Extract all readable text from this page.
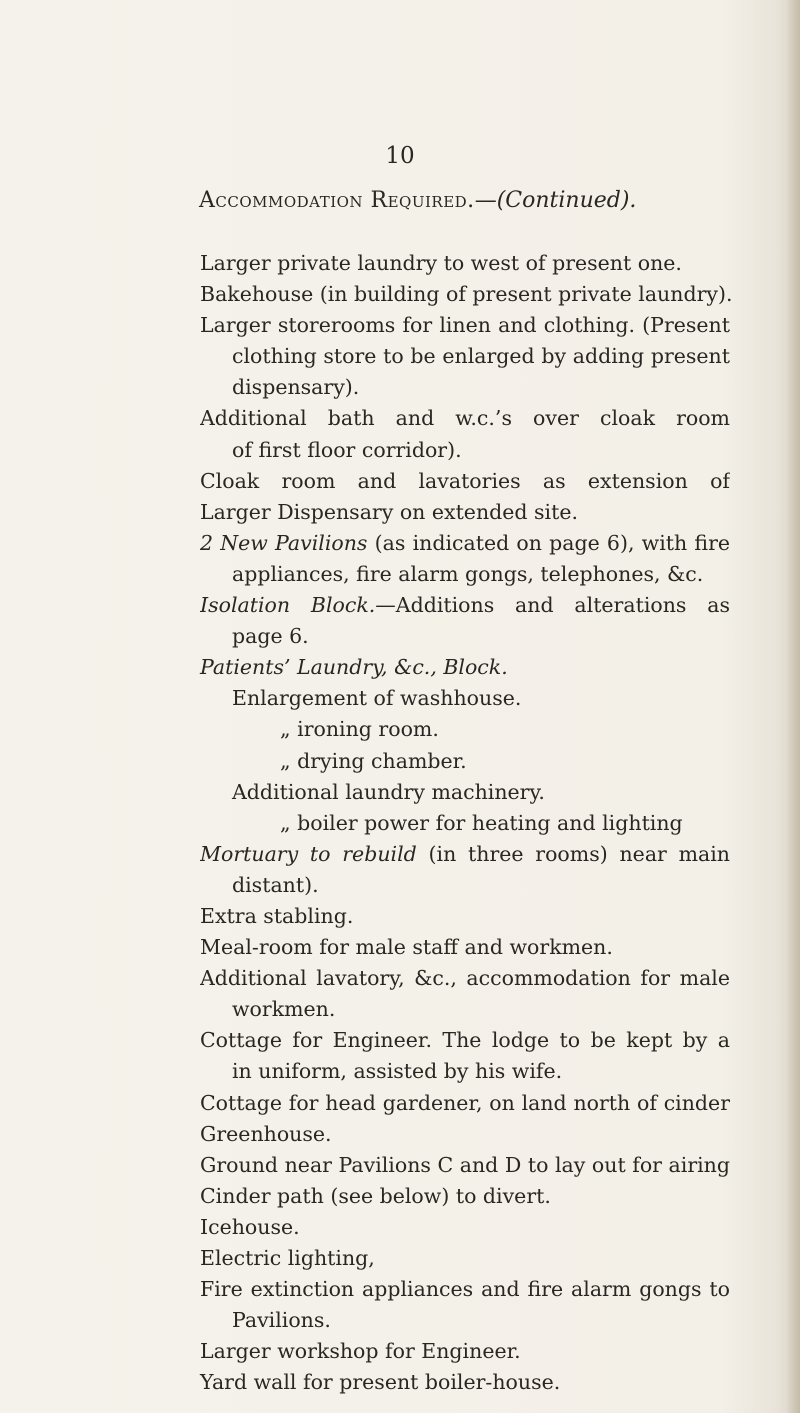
10
Accommodation Required.—(Continued).
Larger private laundry to west of present one.
Bakehouse (in building of present private laundry).
Larger storerooms for linen and clothing. (Present
clothing store to be enlarged by adding present
dispensary).
Additional bath and w.c.’s over cloak room
of first floor corridor).
Cloak room and lavatories as extension of
Larger Dispensary on extended site.
2 New Pavilions (as indicated on page 6), with fire
appliances, fire alarm gongs, telephones, &c.
Isolation Block.—Additions and alterations as
page 6.
Patients’ Laundry, &c., Block.
Enlargement of washhouse.
„ ironing room.
„ drying chamber.
Additional laundry machinery.
„ boiler power for heating and lighting
Mortuary to rebuild (in three rooms) near main
distant).
Extra stabling.
Meal-room for male staff and workmen.
Additional lavatory, &c., accommodation for male
workmen.
Cottage for Engineer. The lodge to be kept by a
in uniform, assisted by his wife.
Cottage for head gardener, on land north of cinder
Greenhouse.
Ground near Pavilions C and D to lay out for airing
Cinder path (see below) to divert.
Icehouse.
Electric lighting,
Fire extinction appliances and fire alarm gongs to
Pavilions.
Larger workshop for Engineer.
Yard wall for present boiler-house.
